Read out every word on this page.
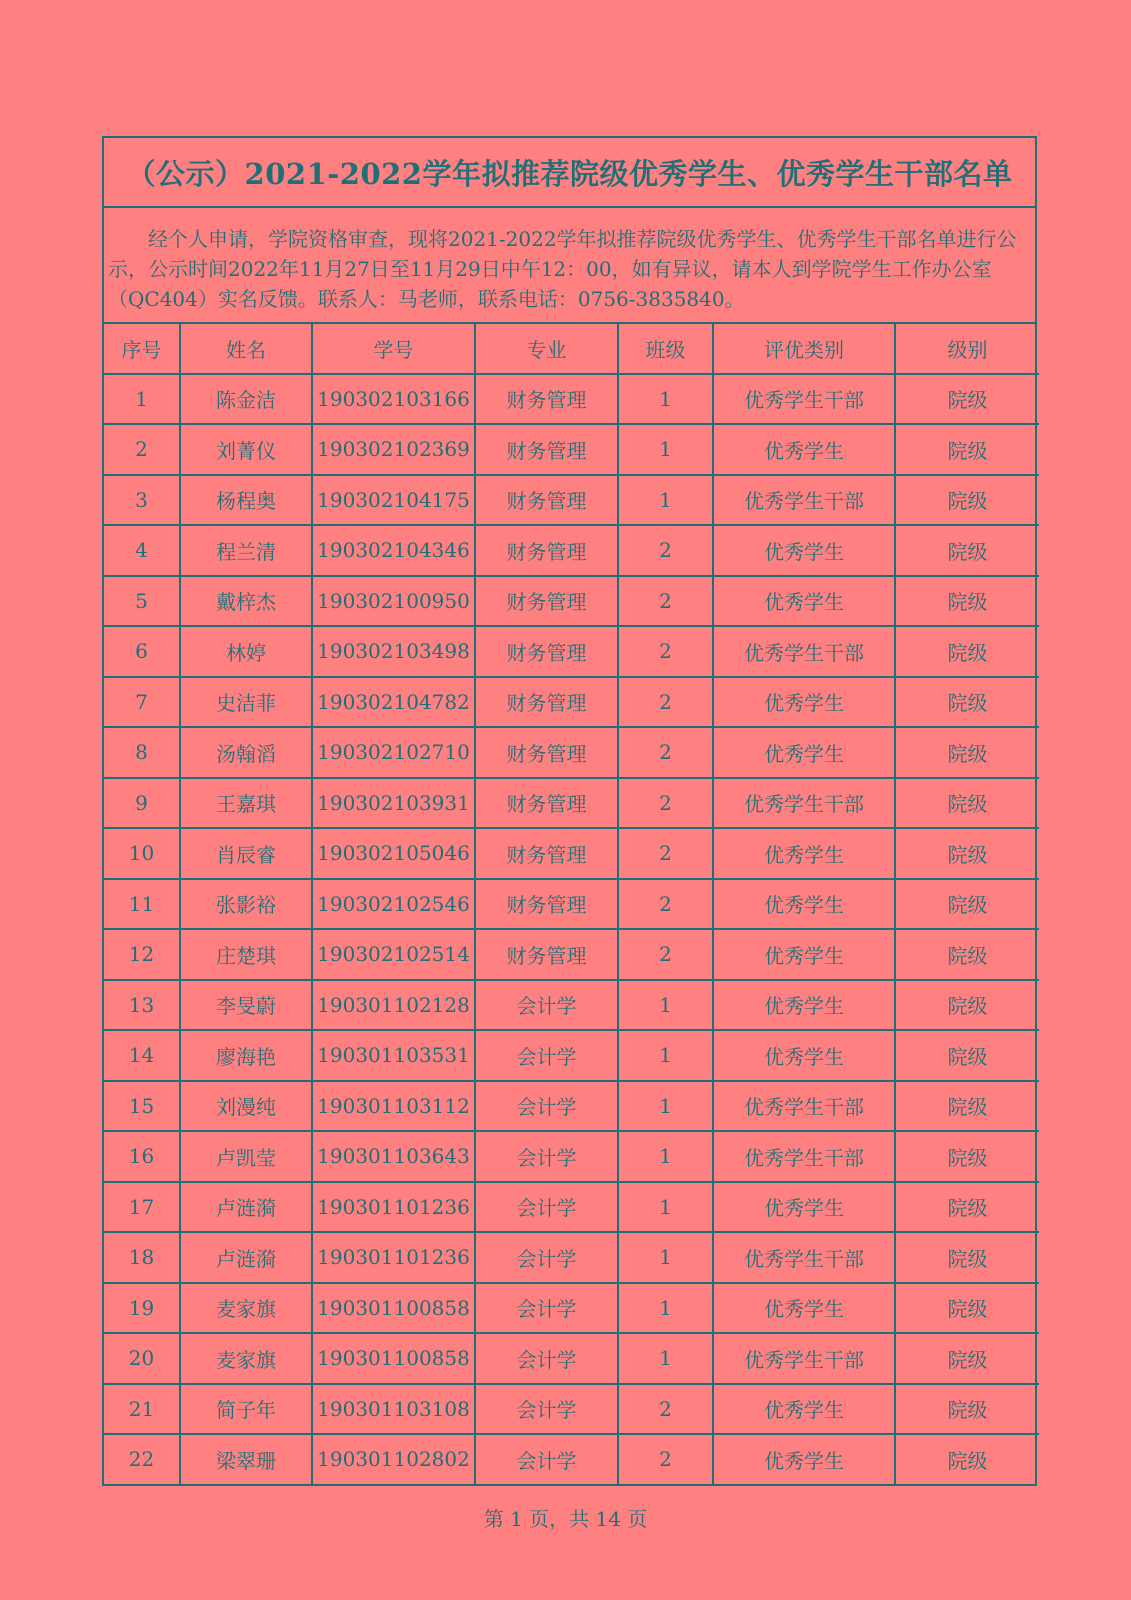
（公示）2021-2022学年拟推荐院级优秀学生、优秀学生干部名单
经个人申请，学院资格审查，现将2021-2022学年拟推荐院级优秀学生、优秀学生干部名单进行公示，公示时间2022年11月27日至11月29日中午12：00，如有异议，请本人到学院学生工作办公室（QC404）实名反馈。联系人：马老师，联系电话：0756-3835840。
序号	姓名	学号	专业	班级	评优类别	级别
1	陈金洁	190302103166	财务管理	1	优秀学生干部	院级
2	刘菁仪	190302102369	财务管理	1	优秀学生	院级
3	杨程奥	190302104175	财务管理	1	优秀学生干部	院级
4	程兰清	190302104346	财务管理	2	优秀学生	院级
5	戴梓杰	190302100950	财务管理	2	优秀学生	院级
6	林婷	190302103498	财务管理	2	优秀学生干部	院级
7	史洁菲	190302104782	财务管理	2	优秀学生	院级
8	汤翰滔	190302102710	财务管理	2	优秀学生	院级
9	王嘉琪	190302103931	财务管理	2	优秀学生干部	院级
10	肖辰睿	190302105046	财务管理	2	优秀学生	院级
11	张影裕	190302102546	财务管理	2	优秀学生	院级
12	庄楚琪	190302102514	财务管理	2	优秀学生	院级
13	李旻蔚	190301102128	会计学	1	优秀学生	院级
14	廖海艳	190301103531	会计学	1	优秀学生	院级
15	刘漫纯	190301103112	会计学	1	优秀学生干部	院级
16	卢凯莹	190301103643	会计学	1	优秀学生干部	院级
17	卢涟漪	190301101236	会计学	1	优秀学生	院级
18	卢涟漪	190301101236	会计学	1	优秀学生干部	院级
19	麦家旗	190301100858	会计学	1	优秀学生	院级
20	麦家旗	190301100858	会计学	1	优秀学生干部	院级
21	简子年	190301103108	会计学	2	优秀学生	院级
22	梁翠珊	190301102802	会计学	2	优秀学生	院级
第 1 页，共 14 页
